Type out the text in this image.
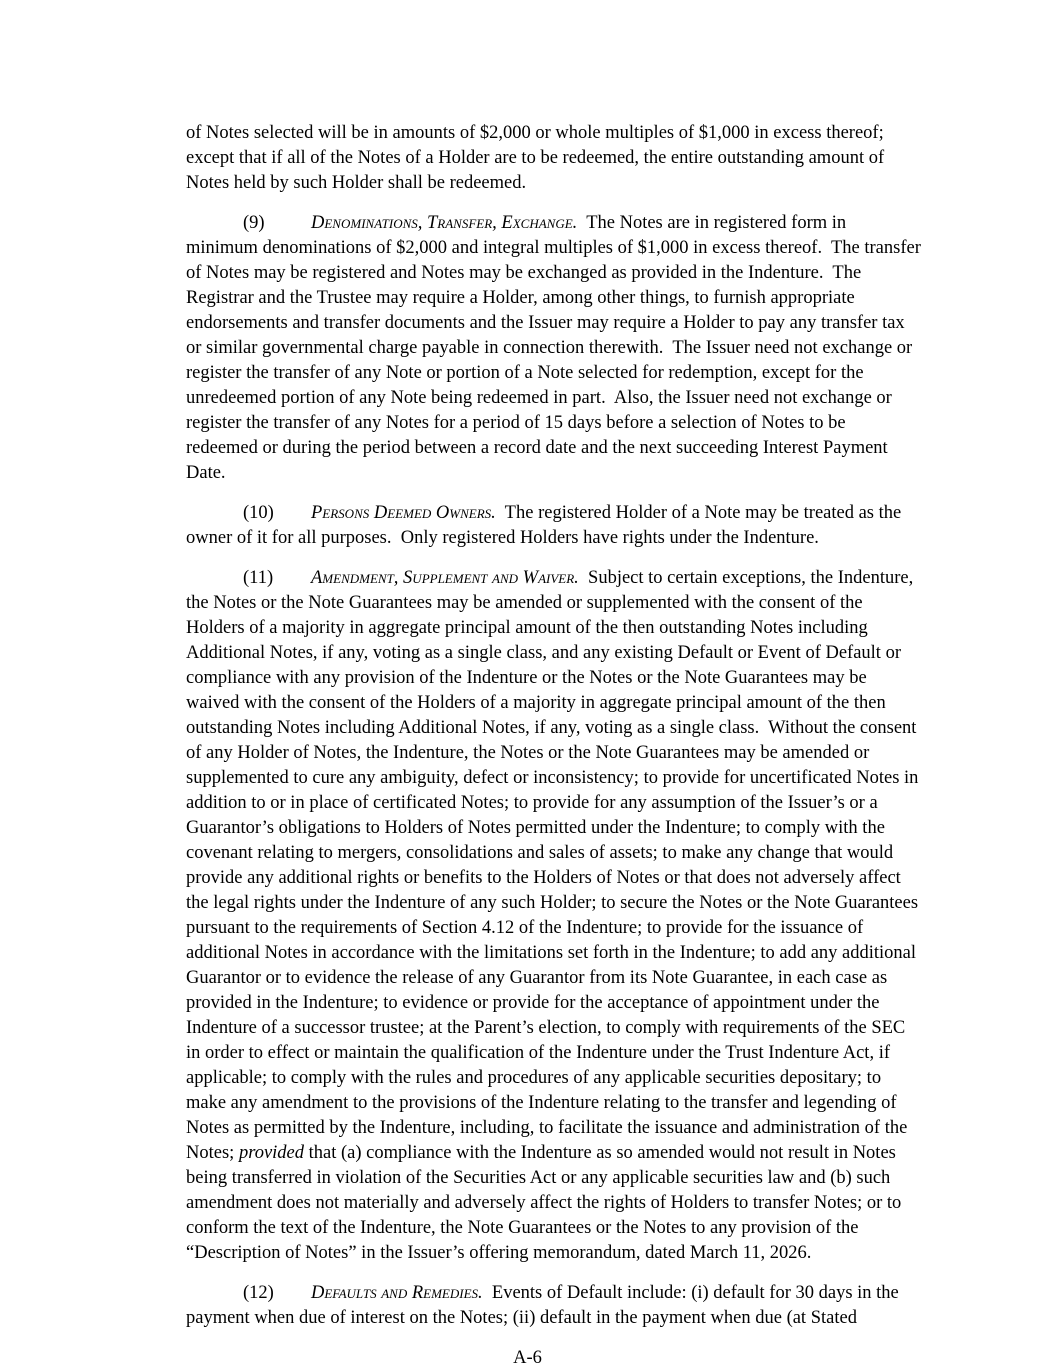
of Notes selected will be in amounts of $2,000 or whole multiples of $1,000 in excess thereof; except that if all of the Notes of a Holder are to be redeemed, the entire outstanding amount of Notes held by such Holder shall be redeemed.

(9)	Denominations, Transfer, Exchange.  The Notes are in registered form in minimum denominations of $2,000 and integral multiples of $1,000 in excess thereof.  The transfer of Notes may be registered and Notes may be exchanged as provided in the Indenture.  The Registrar and the Trustee may require a Holder, among other things, to furnish appropriate endorsements and transfer documents and the Issuer may require a Holder to pay any transfer tax or similar governmental charge payable in connection therewith.  The Issuer need not exchange or register the transfer of any Note or portion of a Note selected for redemption, except for the unredeemed portion of any Note being redeemed in part.  Also, the Issuer need not exchange or register the transfer of any Notes for a period of 15 days before a selection of Notes to be redeemed or during the period between a record date and the next succeeding Interest Payment Date.

(10) Persons Deemed Owners.  The registered Holder of a Note may be treated as the owner of it for all purposes.  Only registered Holders have rights under the Indenture.

(11) Amendment, Supplement and Waiver.  Subject to certain exceptions, the Indenture, the Notes or the Note Guarantees may be amended or supplemented with the consent of the Holders of a majority in aggregate principal amount of the then outstanding Notes including Additional Notes, if any, voting as a single class, and any existing Default or Event of Default or compliance with any provision of the Indenture or the Notes or the Note Guarantees may be waived with the consent of the Holders of a majority in aggregate principal amount of the then outstanding Notes including Additional Notes, if any, voting as a single class.  Without the consent of any Holder of Notes, the Indenture, the Notes or the Note Guarantees may be amended or supplemented to cure any ambiguity, defect or inconsistency; to provide for uncertificated Notes in addition to or in place of certificated Notes; to provide for any assumption of the Issuer’s or a Guarantor’s obligations to Holders of Notes permitted under the Indenture; to comply with the covenant relating to mergers, consolidations and sales of assets; to make any change that would provide any additional rights or benefits to the Holders of Notes or that does not adversely affect the legal rights under the Indenture of any such Holder; to secure the Notes or the Note Guarantees pursuant to the requirements of Section 4.12 of the Indenture; to provide for the issuance of additional Notes in accordance with the limitations set forth in the Indenture; to add any additional Guarantor or to evidence the release of any Guarantor from its Note Guarantee, in each case as provided in the Indenture; to evidence or provide for the acceptance of appointment under the Indenture of a successor trustee; at the Parent’s election, to comply with requirements of the SEC in order to effect or maintain the qualification of the Indenture under the Trust Indenture Act, if applicable; to comply with the rules and procedures of any applicable securities depositary; to make any amendment to the provisions of the Indenture relating to the transfer and legending of Notes as permitted by the Indenture, including, to facilitate the issuance and administration of the Notes; provided that (a) compliance with the Indenture as so amended would not result in Notes being transferred in violation of the Securities Act or any applicable securities law and (b) such amendment does not materially and adversely affect the rights of Holders to transfer Notes; or to conform the text of the Indenture, the Note Guarantees or the Notes to any provision of the “Description of Notes” in the Issuer’s offering memorandum, dated March 11, 2026.

(12) Defaults and Remedies.  Events of Default include: (i) default for 30 days in the payment when due of interest on the Notes; (ii) default in the payment when due (at Stated

A-6
